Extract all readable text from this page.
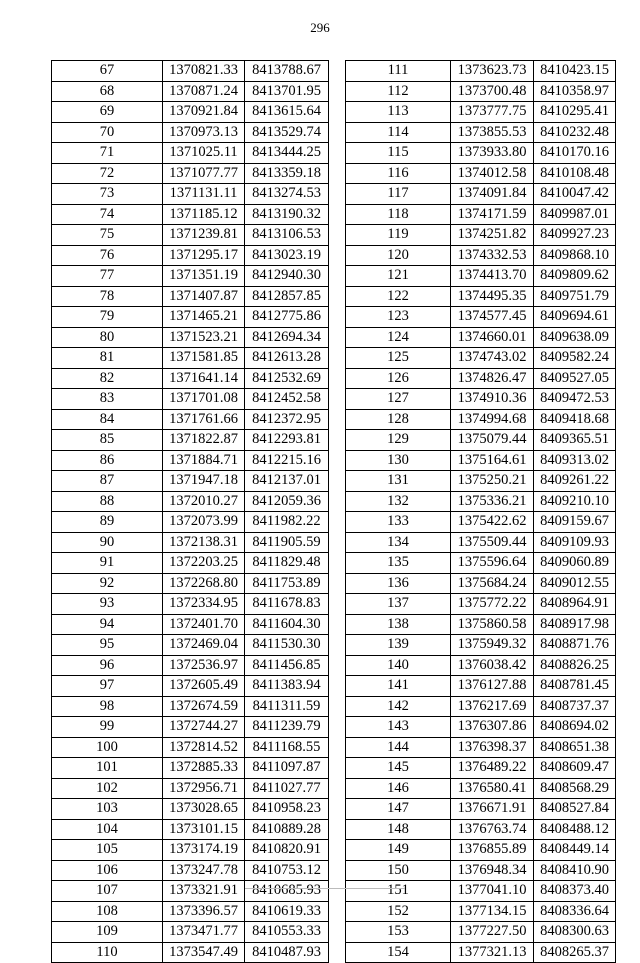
296
67	1370821.33	8413788.67
68	1370871.24	8413701.95
69	1370921.84	8413615.64
70	1370973.13	8413529.74
71	1371025.11	8413444.25
72	1371077.77	8413359.18
73	1371131.11	8413274.53
74	1371185.12	8413190.32
75	1371239.81	8413106.53
76	1371295.17	8413023.19
77	1371351.19	8412940.30
78	1371407.87	8412857.85
79	1371465.21	8412775.86
80	1371523.21	8412694.34
81	1371581.85	8412613.28
82	1371641.14	8412532.69
83	1371701.08	8412452.58
84	1371761.66	8412372.95
85	1371822.87	8412293.81
86	1371884.71	8412215.16
87	1371947.18	8412137.01
88	1372010.27	8412059.36
89	1372073.99	8411982.22
90	1372138.31	8411905.59
91	1372203.25	8411829.48
92	1372268.80	8411753.89
93	1372334.95	8411678.83
94	1372401.70	8411604.30
95	1372469.04	8411530.30
96	1372536.97	8411456.85
97	1372605.49	8411383.94
98	1372674.59	8411311.59
99	1372744.27	8411239.79
100	1372814.52	8411168.55
101	1372885.33	8411097.87
102	1372956.71	8411027.77
103	1373028.65	8410958.23
104	1373101.15	8410889.28
105	1373174.19	8410820.91
106	1373247.78	8410753.12
107	1373321.91	8410685.93
108	1373396.57	8410619.33
109	1373471.77	8410553.33
110	1373547.49	8410487.93
111	1373623.73	8410423.15
112	1373700.48	8410358.97
113	1373777.75	8410295.41
114	1373855.53	8410232.48
115	1373933.80	8410170.16
116	1374012.58	8410108.48
117	1374091.84	8410047.42
118	1374171.59	8409987.01
119	1374251.82	8409927.23
120	1374332.53	8409868.10
121	1374413.70	8409809.62
122	1374495.35	8409751.79
123	1374577.45	8409694.61
124	1374660.01	8409638.09
125	1374743.02	8409582.24
126	1374826.47	8409527.05
127	1374910.36	8409472.53
128	1374994.68	8409418.68
129	1375079.44	8409365.51
130	1375164.61	8409313.02
131	1375250.21	8409261.22
132	1375336.21	8409210.10
133	1375422.62	8409159.67
134	1375509.44	8409109.93
135	1375596.64	8409060.89
136	1375684.24	8409012.55
137	1375772.22	8408964.91
138	1375860.58	8408917.98
139	1375949.32	8408871.76
140	1376038.42	8408826.25
141	1376127.88	8408781.45
142	1376217.69	8408737.37
143	1376307.86	8408694.02
144	1376398.37	8408651.38
145	1376489.22	8408609.47
146	1376580.41	8408568.29
147	1376671.91	8408527.84
148	1376763.74	8408488.12
149	1376855.89	8408449.14
150	1376948.34	8408410.90
151	1377041.10	8408373.40
152	1377134.15	8408336.64
153	1377227.50	8408300.63
154	1377321.13	8408265.37
